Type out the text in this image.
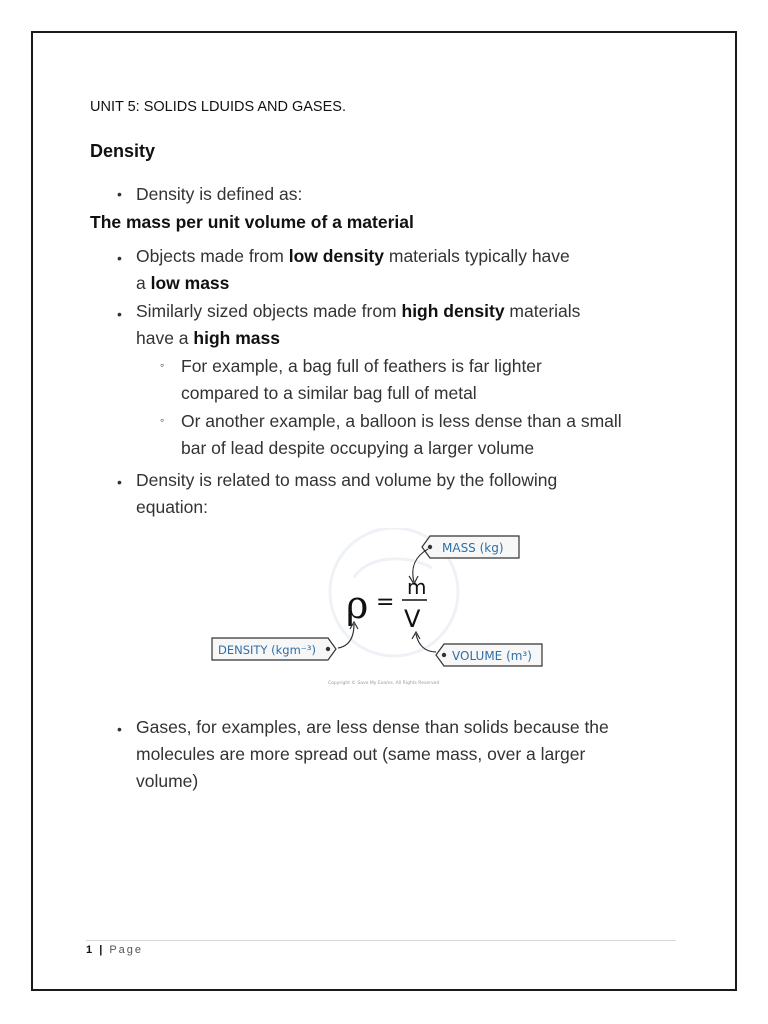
UNIT 5: SOLIDS LDUIDS AND GASES.
Density
• Density is defined as:
The mass per unit volume of a material
• Objects made from low density materials typically have
a low mass
• Similarly sized objects made from high density materials
have a high mass
◦ For example, a bag full of feathers is far lighter
compared to a similar bag full of metal
◦ Or another example, a balloon is less dense than a small
bar of lead despite occupying a larger volume
• Density is related to mass and volume by the following
equation:
MASS (kg)
ρ =
m
V
DENSITY (kgm⁻³)	VOLUME (m³)
Copyright © Save My Exams. All Rights Reserved
• Gases, for examples, are less dense than solids because the
molecules are more spread out (same mass, over a larger
volume)
1 | Page
